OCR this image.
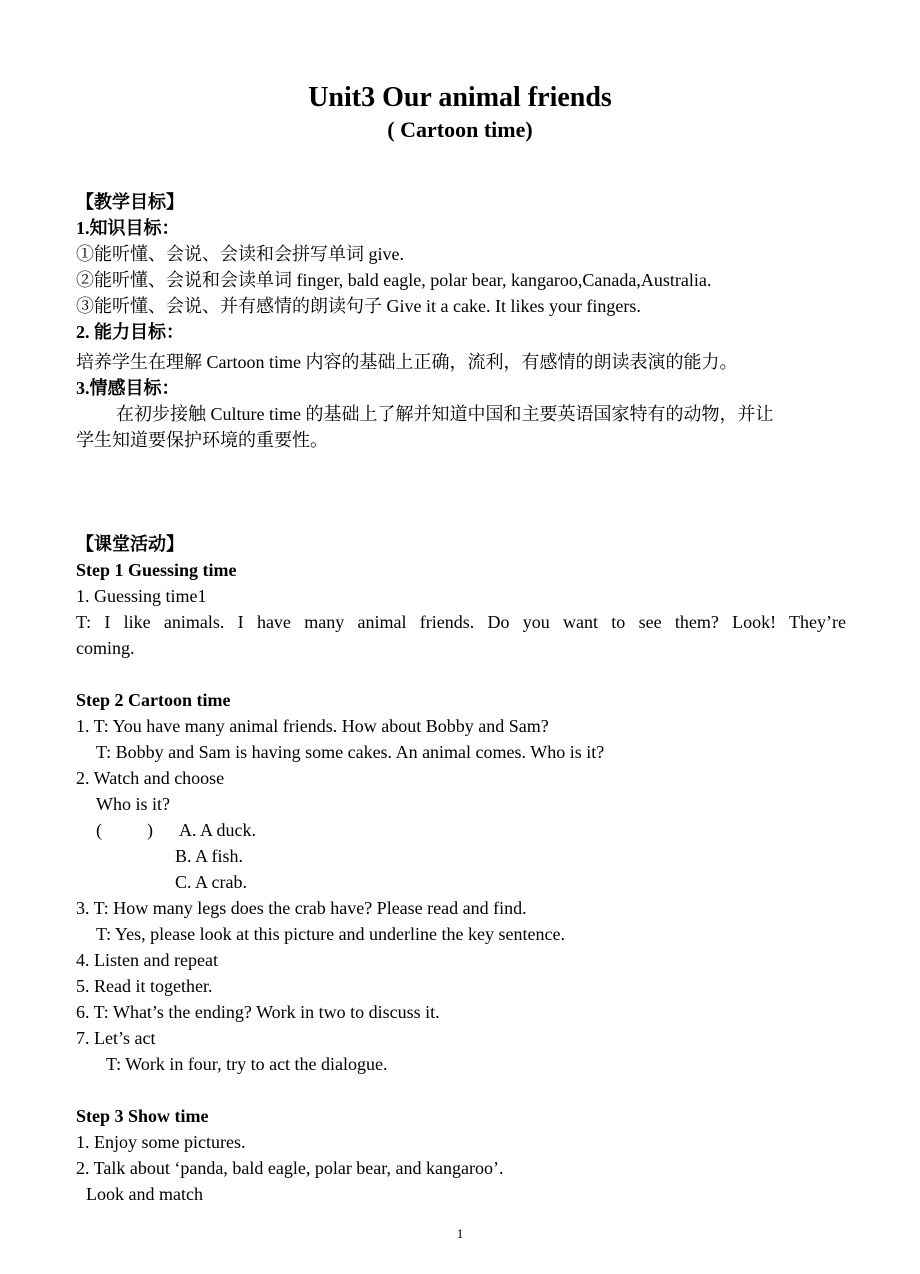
Unit3 Our animal friends
( Cartoon time)
【教学目标】
1.知识目标：
①能听懂、会说、会读和会拼写单词 give.
②能听懂、会说和会读单词 finger, bald eagle, polar bear, kangaroo,Canada,Australia.
③能听懂、会说、并有感情的朗读句子 Give it a cake. It likes your fingers.
2. 能力目标：
培养学生在理解 Cartoon time 内容的基础上正确，流利，有感情的朗读表演的能力。
3.情感目标：
在初步接触 Culture time 的基础上了解并知道中国和主要英语国家特有的动物，并让
学生知道要保护环境的重要性。
【课堂活动】
Step 1 Guessing time
1. Guessing time1
T: I like animals. I have many animal friends. Do you want to see them? Look! They’re
coming.
Step 2 Cartoon time
1. T: You have many animal friends. How about Bobby and Sam?
T: Bobby and Sam is having some cakes. An animal comes. Who is it?
2. Watch and choose
Who is it?
(          ) A. A duck.
B. A fish.
C. A crab.
3. T: How many legs does the crab have? Please read and find.
T: Yes, please look at this picture and underline the key sentence.
4. Listen and repeat
5. Read it together.
6. T: What’s the ending? Work in two to discuss it.
7. Let’s act
T: Work in four, try to act the dialogue.
Step 3 Show time
1. Enjoy some pictures.
2. Talk about ‘panda, bald eagle, polar bear, and kangaroo’.
Look and match
1
